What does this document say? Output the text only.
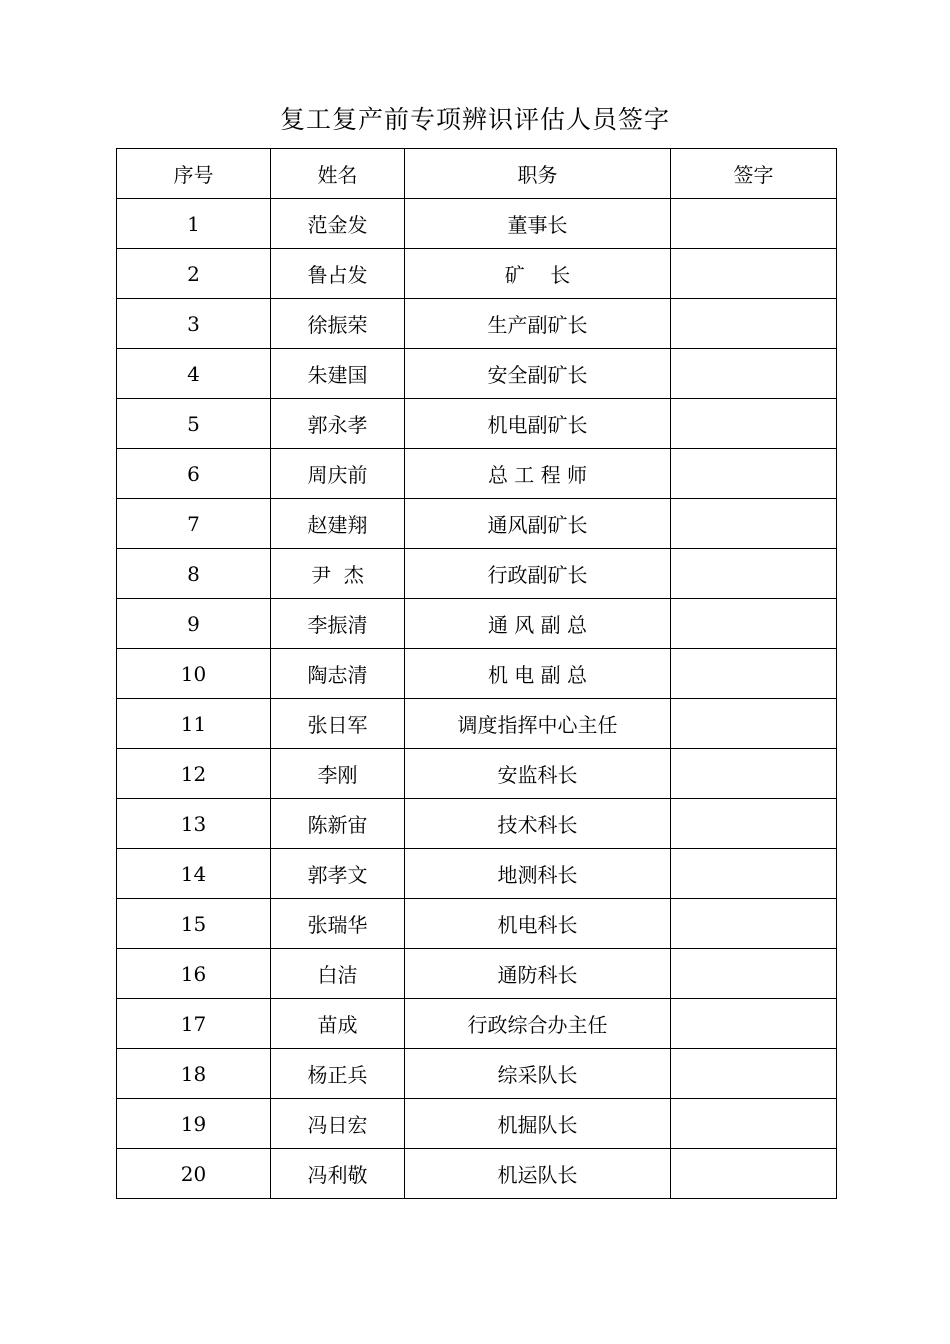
复工复产前专项辨识评估人员签字
序号	姓名	职务	签字
1	范金发	董事长	
2	鲁占发	矿    长	
3	徐振荣	生产副矿长	
4	朱建国	安全副矿长	
5	郭永孝	机电副矿长	
6	周庆前	总 工 程 师	
7	赵建翔	通风副矿长	
8	尹  杰	行政副矿长	
9	李振清	通 风 副 总	
10	陶志清	机 电 副 总	
11	张日军	调度指挥中心主任	
12	李刚	安监科长	
13	陈新宙	技术科长	
14	郭孝文	地测科长	
15	张瑞华	机电科长	
16	白洁	通防科长	
17	苗成	行政综合办主任	
18	杨正兵	综采队长	
19	冯日宏	机掘队长	
20	冯利敬	机运队长	
